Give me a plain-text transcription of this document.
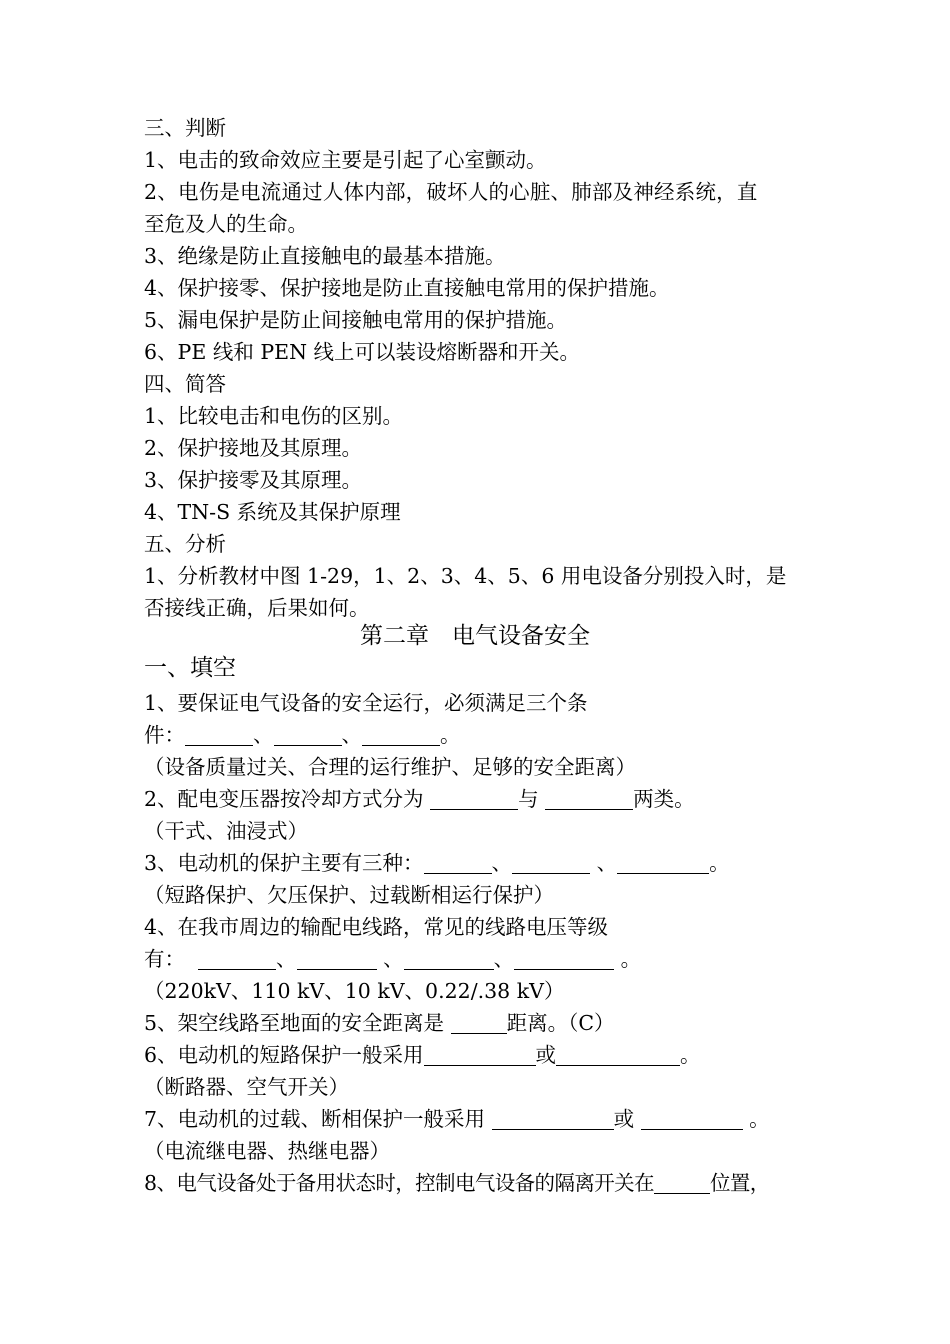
三、判断
1、电击的致命效应主要是引起了心室颤动。
2、电伤是电流通过人体内部，破坏人的心脏、肺部及神经系统，直
至危及人的生命。
3、绝缘是防止直接触电的最基本措施。
4、保护接零、保护接地是防止直接触电常用的保护措施。
5、漏电保护是防止间接触电常用的保护措施。
6、PE 线和 PEN 线上可以装设熔断器和开关。
四、简答
1、比较电击和电伤的区别。
2、保护接地及其原理。
3、保护接零及其原理。
4、TN-S 系统及其保护原理
五、分析
1、分析教材中图 1-29，1、2、3、4、5、6 用电设备分别投入时，是
否接线正确，后果如何。
第二章　电气设备安全
一、填空
1、要保证电气设备的安全运行，必须满足三个条
件：	、	、	。
（设备质量过关、合理的运行维护、足够的安全距离）
2、配电变压器按冷却方式分为	与	两类。
（干式、油浸式）
3、电动机的保护主要有三种：	、	、	。
（短路保护、欠压保护、过载断相运行保护）
4、在我市周边的输配电线路，常见的线路电压等级
有：	、	、	、	。
（220kV、110 kV、10 kV、0.22/.38 kV）
5、架空线路至地面的安全距离是	距离。（C）
6、电动机的短路保护一般采用	或	。
（断路器、空气开关）
7、电动机的过载、断相保护一般采用	或	。
（电流继电器、热继电器）
8、电气设备处于备用状态时，控制电气设备的隔离开关在	位置，
